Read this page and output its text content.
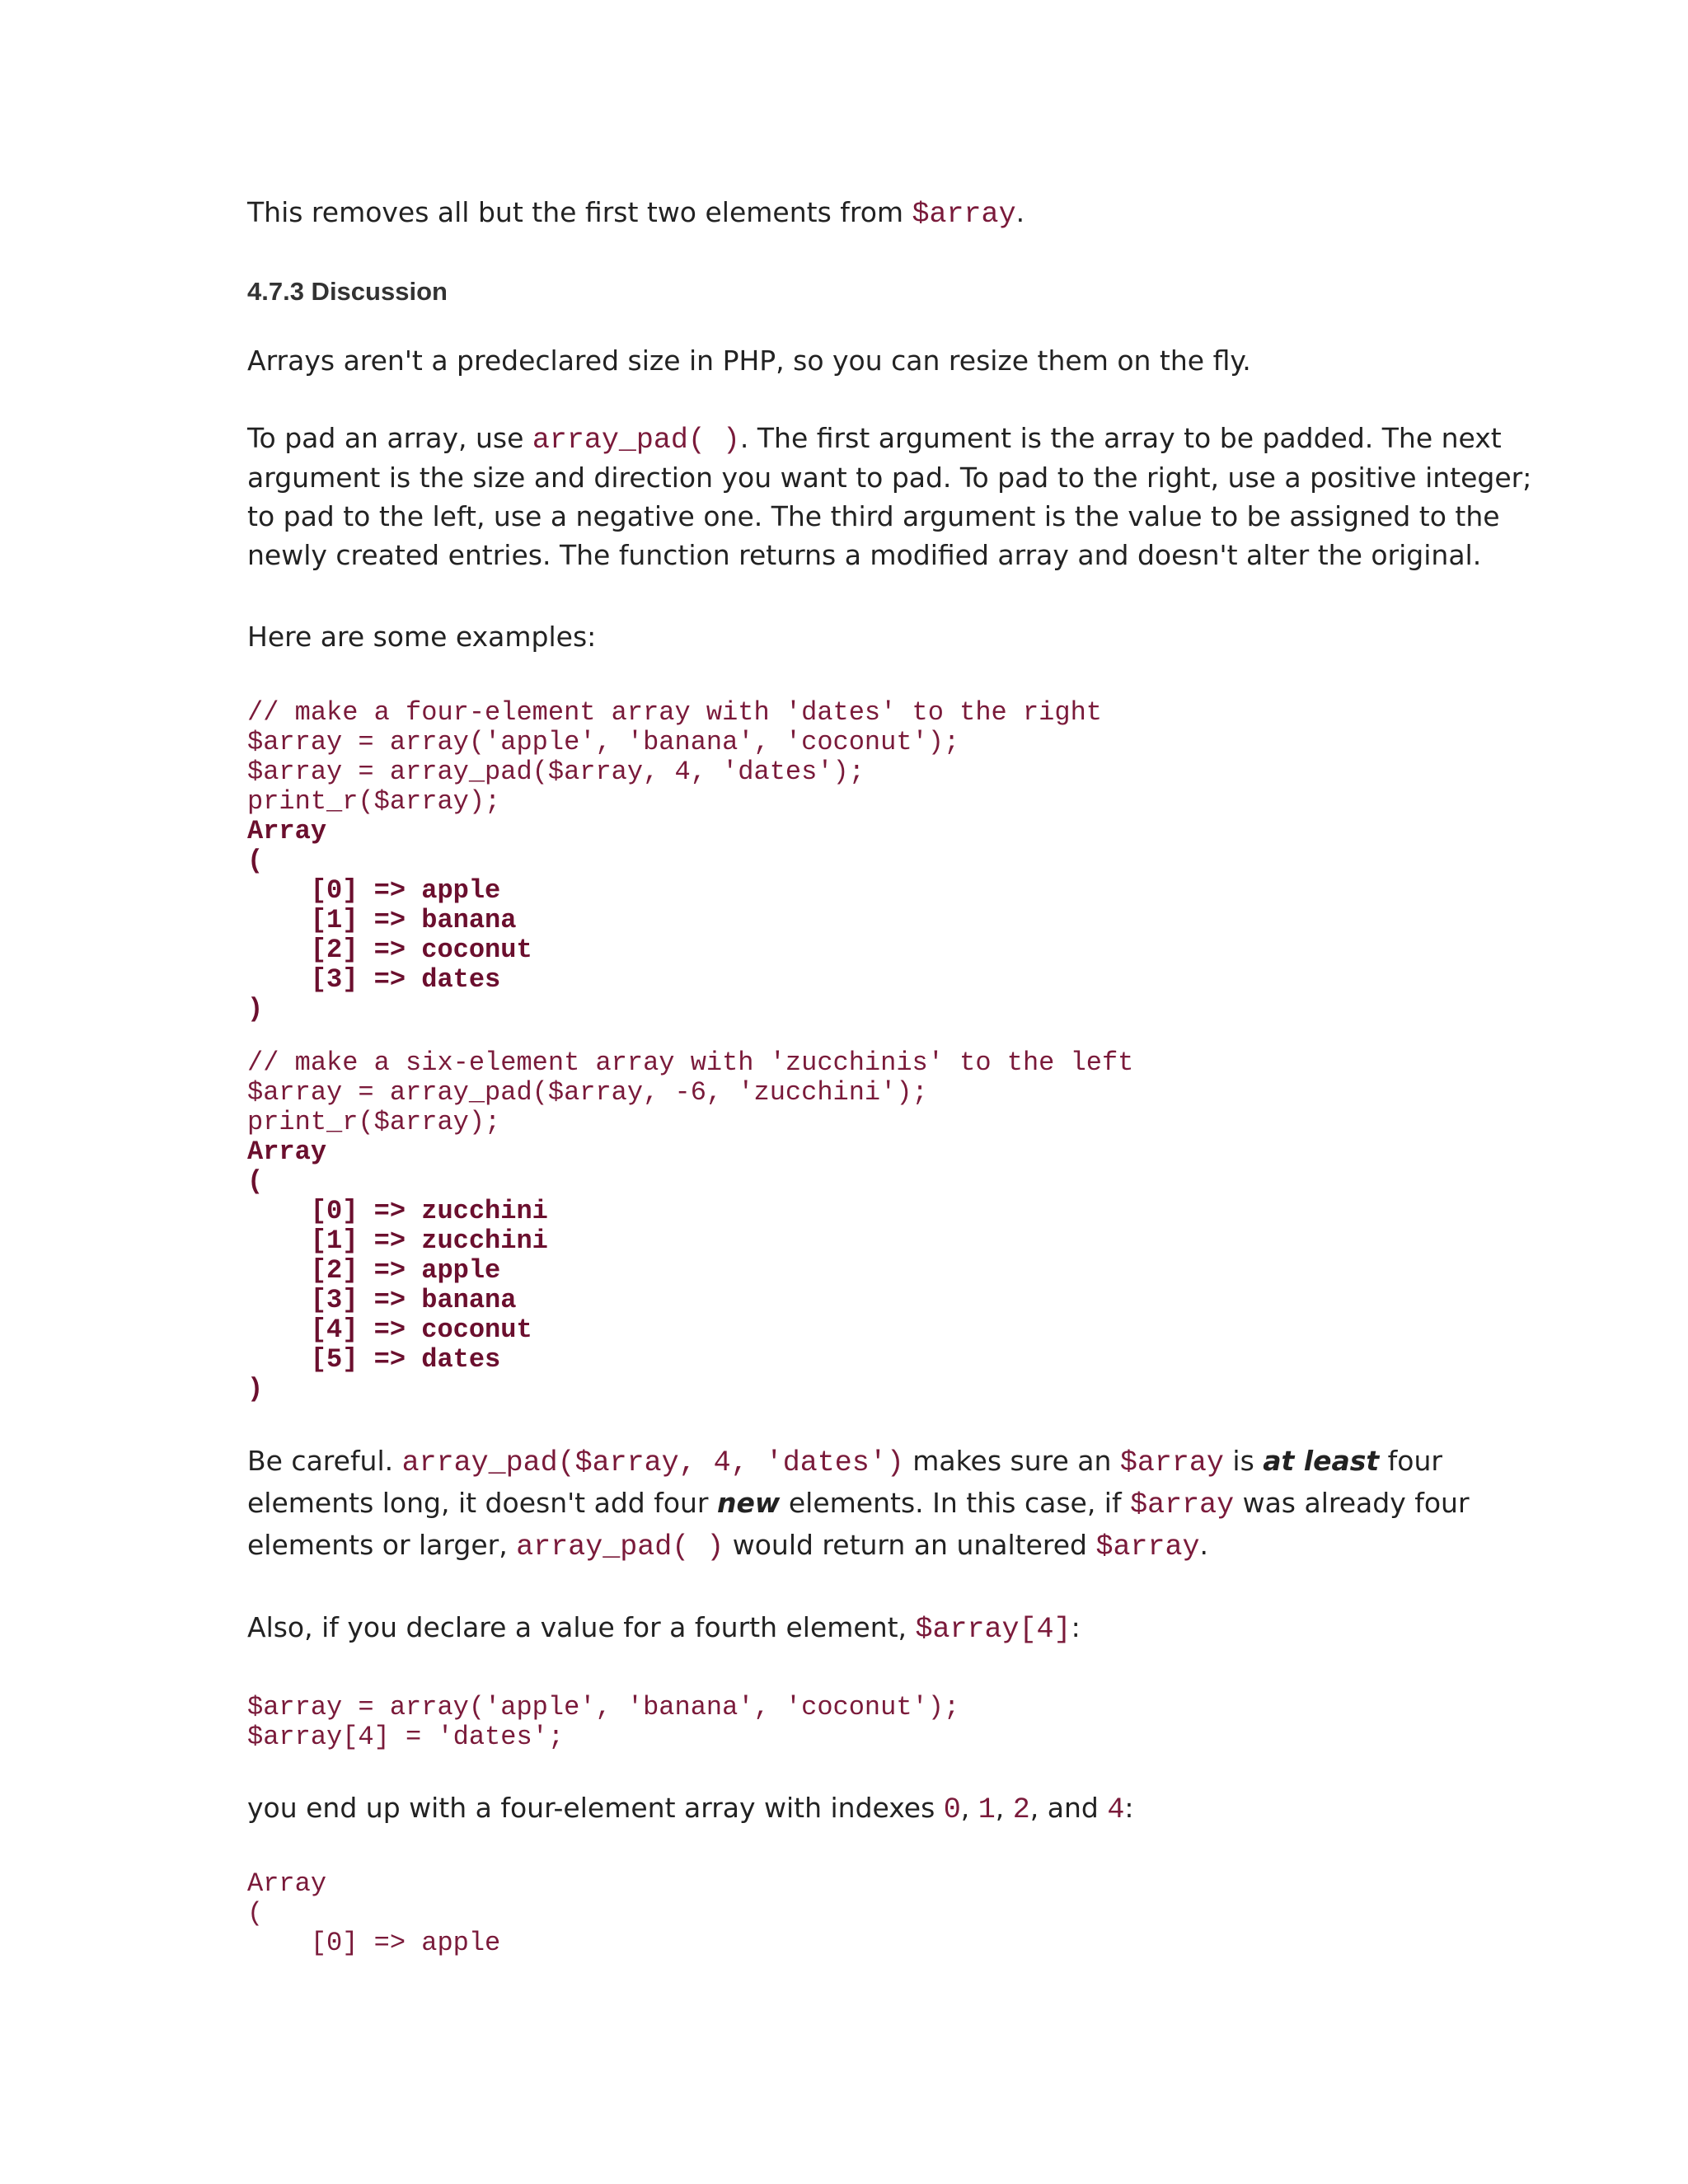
This removes all but the first two elements from $array.

4.7.3 Discussion

Arrays aren't a predeclared size in PHP, so you can resize them on the fly.

To pad an array, use array_pad( ). The first argument is the array to be padded. The next

argument is the size and direction you want to pad. To pad to the right, use a positive integer;

to pad to the left, use a negative one. The third argument is the value to be assigned to the

newly created entries. The function returns a modified array and doesn't alter the original.

Here are some examples:

// make a four-element array with 'dates' to the right
$array = array('apple', 'banana', 'coconut');
$array = array_pad($array, 4, 'dates');
print_r($array);
Array
(
[0] => apple
[1] => banana
[2] => coconut
[3] => dates
)
// make a six-element array with 'zucchinis' to the left
$array = array_pad($array, -6, 'zucchini');
print_r($array);
Array
(
[0] => zucchini
[1] => zucchini
[2] => apple
[3] => banana
[4] => coconut
[5] => dates
)

Be careful. array_pad($array, 4, 'dates') makes sure an $array is at least four

elements long, it doesn't add four new elements. In this case, if $array was already four

elements or larger, array_pad( ) would return an unaltered $array.

Also, if you declare a value for a fourth element, $array[4]:

$array = array('apple', 'banana', 'coconut');
$array[4] = 'dates';

you end up with a four-element array with indexes 0, 1, 2, and 4:

Array
(
[0] => apple
